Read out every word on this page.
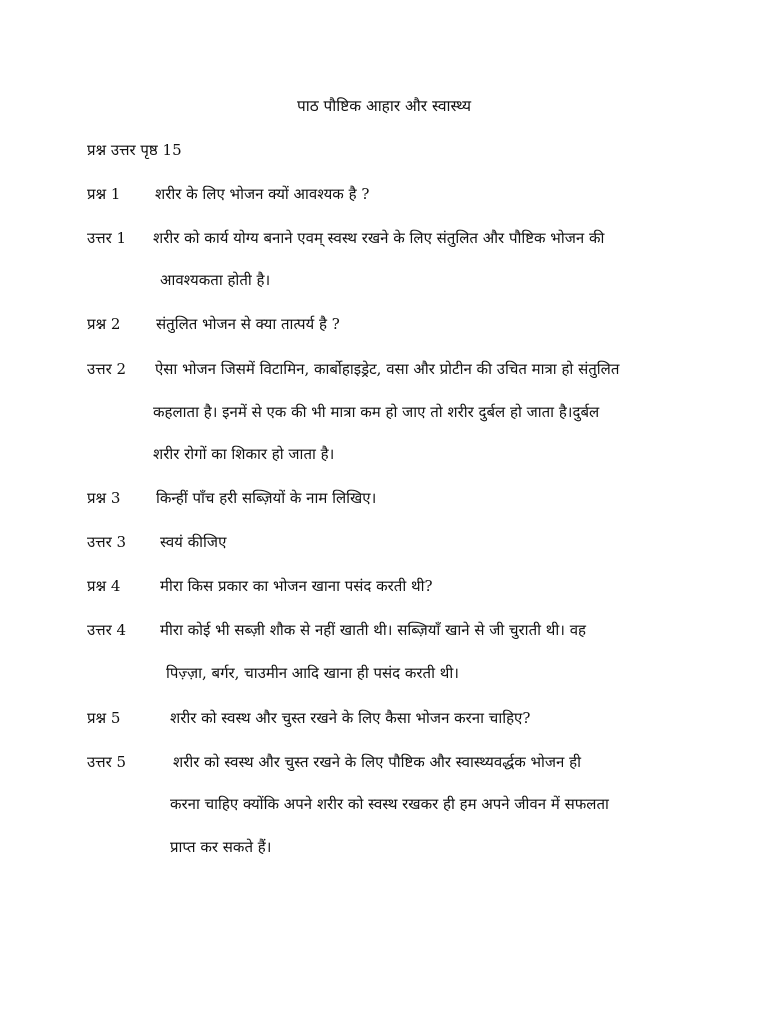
पाठ पौष्टिक आहार और स्वास्थ्य
प्रश्न उत्तर पृष्ठ 15
प्रश्न 1 शरीर के लिए भोजन क्यों आवश्यक है ?
उत्तर 1 शरीर को कार्य योग्य बनाने एवम् स्वस्थ रखने के लिए संतुलित और पौष्टिक भोजन की
आवश्यकता होती है।
प्रश्न 2 संतुलित भोजन से क्या तात्पर्य है ?
उत्तर 2 ऐसा भोजन जिसमें विटामिन, कार्बोहाइड्रेट, वसा और प्रोटीन की उचित मात्रा हो संतुलित
कहलाता है। इनमें से एक की भी मात्रा कम हो जाए तो शरीर दुर्बल हो जाता है।दुर्बल
शरीर रोगों का शिकार हो जाता है।
प्रश्न 3 किन्हीं पाँच हरी सब्ज़ियों के नाम लिखिए।
उत्तर 3 स्वयं कीजिए
प्रश्न 4	मीरा किस प्रकार का भोजन खाना पसंद करती थी?
उत्तर 4 मीरा कोई भी सब्ज़ी शौक से नहीं खाती थी। सब्ज़ियाँ खाने से जी चुराती थी। वह
पिज़्ज़ा, बर्गर, चाउमीन आदि खाना ही पसंद करती थी।
प्रश्न 5	शरीर को स्वस्थ और चुस्त रखने के लिए कैसा भोजन करना चाहिए?
उत्तर 5	शरीर को स्वस्थ और चुस्त रखने के लिए पौष्टिक और स्वास्थ्यवर्द्धक भोजन ही
करना चाहिए क्योंकि अपने शरीर को स्वस्थ रखकर ही हम अपने जीवन में सफलता
प्राप्त कर सकते हैं।
